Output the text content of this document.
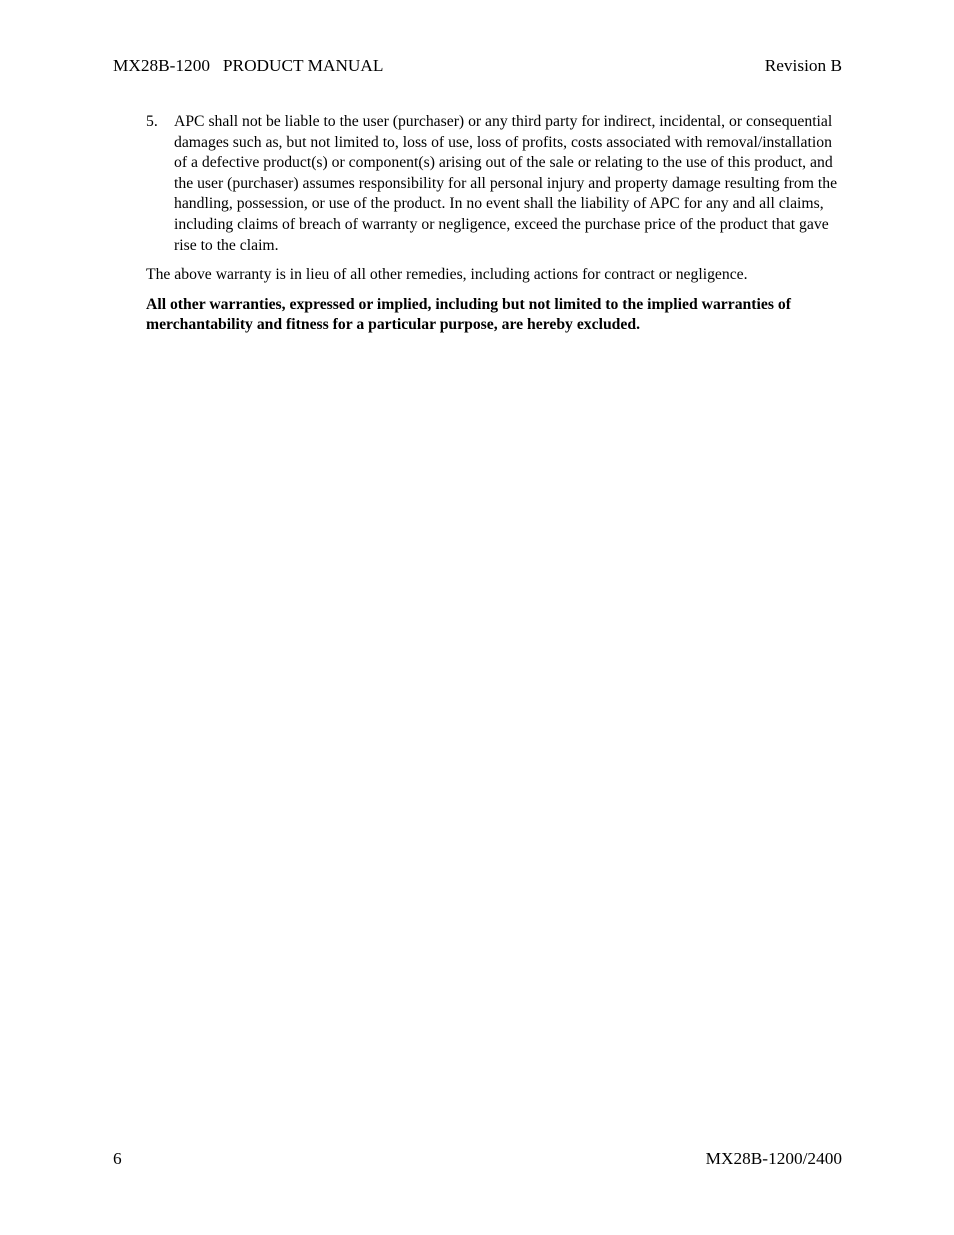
MX28B-1200   PRODUCT MANUAL	Revision B
5. APC shall not be liable to the user (purchaser) or any third party for indirect, incidental, or consequential damages such as, but not limited to, loss of use, loss of profits, costs associated with removal/installation of a defective product(s) or component(s) arising out of the sale or relating to the use of this product, and the user (purchaser) assumes responsibility for all personal injury and property damage resulting from the handling, possession, or use of the product. In no event shall the liability of APC for any and all claims, including claims of breach of warranty or negligence, exceed the purchase price of the product that gave rise to the claim.

The above warranty is in lieu of all other remedies, including actions for contract or negligence.

All other warranties, expressed or implied, including but not limited to the implied warranties of merchantability and fitness for a particular purpose, are hereby excluded.

6	MX28B-1200/2400
